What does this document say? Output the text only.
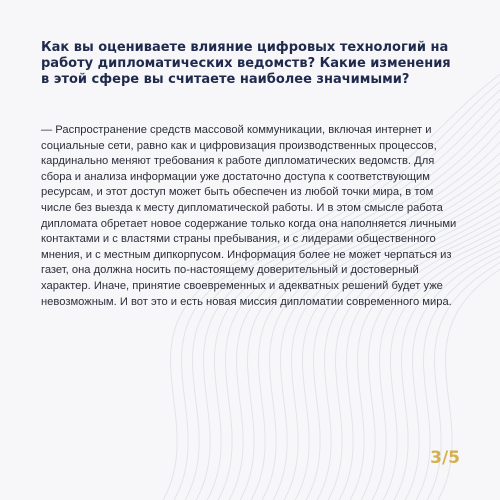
Как вы оцениваете влияние цифровых технологий на работу дипломатических ведомств? Какие изменения в этой сфере вы считаете наиболее значимыми?

— Распространение средств массовой коммуникации, включая интернет и социальные сети, равно как и цифровизация производственных процессов, кардинально меняют требования к работе дипломатических ведомств. Для сбора и анализа информации уже достаточно доступа к соответствующим ресурсам, и этот доступ может быть обеспечен из любой точки мира, в том числе без выезда к месту дипломатической работы. И в этом смысле работа дипломата обретает новое содержание только когда она наполняется личными контактами и с властями страны пребывания, и с лидерами общественного мнения, и с местным дипкорпусом. Информация более не может черпаться из газет, она должна носить по-настоящему доверительный и достоверный характер. Иначе, принятие своевременных и адекватных решений будет уже невозможным. И вот это и есть новая миссия дипломатии современного мира.

3/5
